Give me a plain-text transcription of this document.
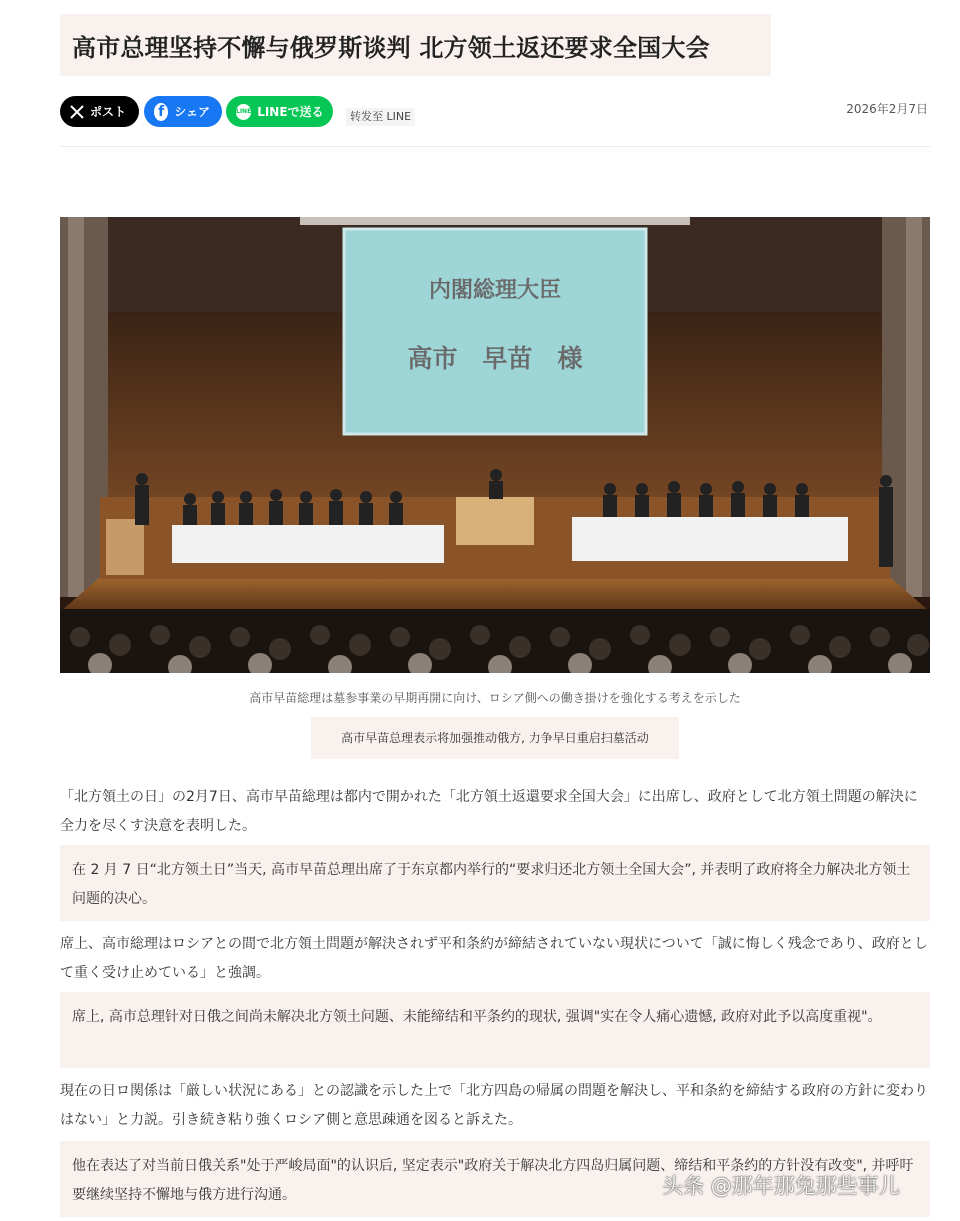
高市总理坚持不懈与俄罗斯谈判 北方领土返还要求全国大会
ポスト f シェア	LINE LINEで送る	转发至 LINE
2026年2月7日
内閣総理大臣
高市　早苗　様
高市早苗総理は墓参事業の早期再開に向け、ロシア側への働き掛けを強化する考えを示した
高市早苗总理表示将加强推动俄方, 力争早日重启扫墓活动
「北方領土の日」の2月7日、高市早苗総理は都内で開かれた「北方領土返還要求全国大会」に出席し、政府として北方領土問題の解決に全力を尽くす決意を表明した。
在 2 月 7 日“北方领土日”当天, 高市早苗总理出席了于东京都内举行的“要求归还北方领土全国大会”, 并表明了政府将全力解决北方领土问题的决心。
席上、高市総理はロシアとの間で北方領土問題が解決されず平和条約が締結されていない現状について「誠に悔しく残念であり、政府として重く受け止めている」と強調。
席上, 高市总理针对日俄之间尚未解决北方领土问题、未能缔结和平条约的现状, 强调"实在令人痛心遗憾, 政府对此予以高度重视"。
現在の日ロ関係は「厳しい状況にある」との認識を示した上で「北方四島の帰属の問題を解決し、平和条約を締結する政府の方針に変わりはない」と力説。引き続き粘り強くロシア側と意思疎通を図ると訴えた。
他在表达了对当前日俄关系"处于严峻局面"的认识后, 坚定表示"政府关于解决北方四岛归属问题、缔结和平条约的方针没有改变", 并呼吁要继续坚持不懈地与俄方进行沟通。	头条 @那年那兔那些事儿
